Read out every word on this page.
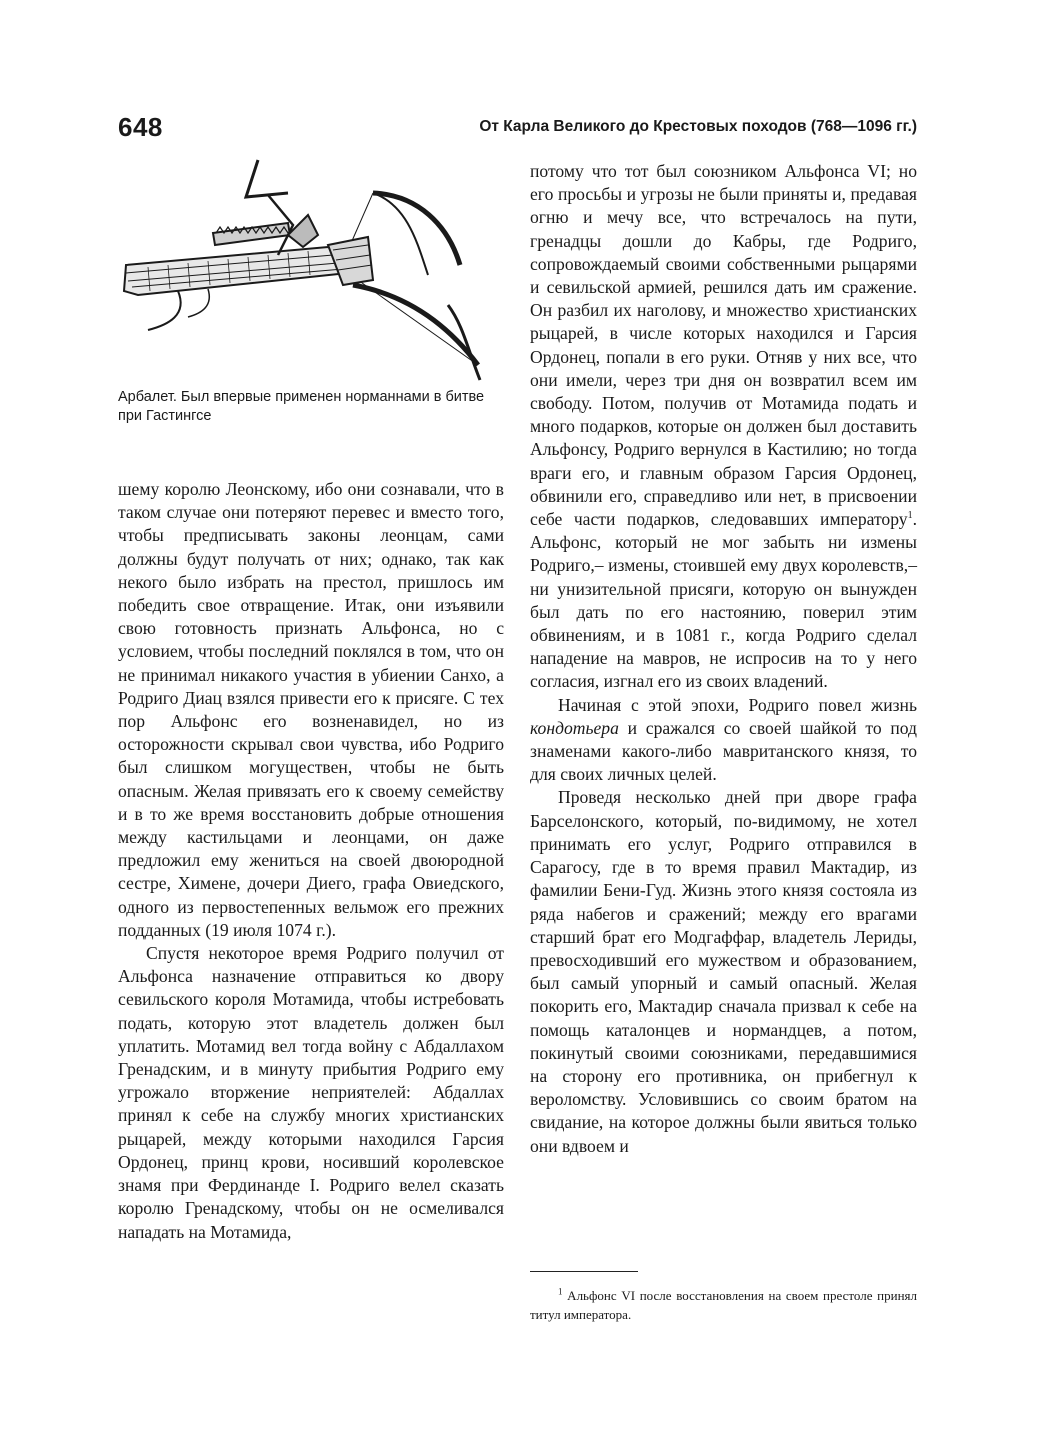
648	От Карла Великого до Крестовых походов (768—1096 гг.)
Арбалет. Был впервые применен норманнами в битве при Гастингсе

шему королю Леонскому, ибо они сознавали, что в таком случае они потеряют перевес и вместо того, чтобы предписывать законы леонцам, сами должны будут получать от них; однако, так как некого было избрать на престол, пришлось им победить свое отвращение. Итак, они изъявили свою готовность признать Альфонса, но с условием, чтобы последний поклялся в том, что он не принимал никакого участия в убиении Санхо, а Родриго Диац взялся привести его к присяге. С тех пор Альфонс его возненавидел, но из осторожности скрывал свои чувства, ибо Родриго был слишком могуществен, чтобы не быть опасным. Желая привязать его к своему семейству и в то же время восстановить добрые отношения между кастильцами и леонцами, он даже предложил ему жениться на своей двоюродной сестре, Химене, дочери Диего, графа Овиедского, одного из первостепенных вельмож его прежних подданных (19 июля 1074 г.).

Спустя некоторое время Родриго получил от Альфонса назначение отправиться ко двору севильского короля Мотамида, чтобы истребовать подать, которую этот владетель должен был уплатить. Мотамид вел тогда войну с Абдаллахом Гренадским, и в минуту прибытия Родриго ему угрожало вторжение неприятелей: Абдаллах принял к себе на службу многих христианских рыцарей, между которыми находился Гарсия Ордонец, принц крови, носивший королевское знамя при Фердинанде I. Родриго велел сказать королю Гренадскому, чтобы он не осмеливался нападать на Мотамида,

потому что тот был союзником Альфонса VI; но его просьбы и угрозы не были приняты и, предавая огню и мечу все, что встречалось на пути, гренадцы дошли до Кабры, где Родриго, сопровождаемый своими собственными рыцарями и севильской армией, решился дать им сражение. Он разбил их наголову, и множество христианских рыцарей, в числе которых находился и Гарсия Ордонец, попали в его руки. Отняв у них все, что они имели, через три дня он возвратил всем им свободу. Потом, получив от Мотамида подать и много подарков, которые он должен был доставить Альфонсу, Родриго вернулся в Кастилию; но тогда враги его, и главным образом Гарсия Ордонец, обвинили его, справедливо или нет, в присвоении себе части подарков, следовавших императору$^1$. Альфонс, который не мог забыть ни измены Родриго,– измены, стоившей ему двух королевств,– ни унизительной присяги, которую он вынужден был дать по его настоянию, поверил этим обвинениям, и в 1081 г., когда Родриго сделал нападение на мавров, не испросив на то у него согласия, изгнал его из своих владений.

Начиная с этой эпохи, Родриго повел жизнь кондотьера и сражался со своей шайкой то под знаменами какого-либо мавританского князя, то для своих личных целей.

Проведя несколько дней при дворе графа Барселонского, который, по-видимому, не хотел принимать его услуг, Родриго отправился в Сарагосу, где в то время правил Мактадир, из фамилии Бени-Гуд. Жизнь этого князя состояла из ряда набегов и сражений; между его врагами старший брат его Модгаффар, владетель Лериды, превосходивший его мужеством и образованием, был самый упорный и самый опасный. Желая покорить его, Мактадир сначала призвал к себе на помощь каталонцев и нормандцев, а потом, покинутый своими союзниками, передавшимися на сторону его противника, он прибегнул к вероломству. Условившись со своим братом на свидание, на которое должны были явиться только они вдвоем и

$^1$ Альфонс VI после восстановления на своем престоле принял титул императора.
